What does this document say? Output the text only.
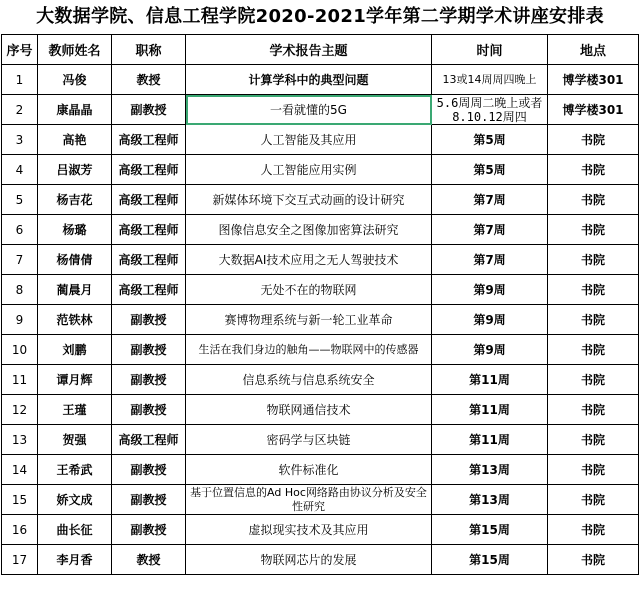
大数据学院、信息工程学院2020-2021学年第二学期学术讲座安排表
序号	教师姓名	职称	学术报告主题	时间	地点
1	冯俊	教授	计算学科中的典型问题	13或14周周四晚上	博学楼301
2	康晶晶	副教授	一看就懂的5G	5.6周周二晚上或者8.10.12周四	博学楼301
3	高艳	高级工程师	人工智能及其应用	第5周	书院
4	吕淑芳	高级工程师	人工智能应用实例	第5周	书院
5	杨吉花	高级工程师	新媒体环境下交互式动画的设计研究	第7周	书院
6	杨璐	高级工程师	图像信息安全之图像加密算法研究	第7周	书院
7	杨倩倩	高级工程师	大数据AI技术应用之无人驾驶技术	第7周	书院
8	蔺晨月	高级工程师	无处不在的物联网	第9周	书院
9	范铁林	副教授	赛博物理系统与新一轮工业革命	第9周	书院
10	刘鹏	副教授	生活在我们身边的触角——物联网中的传感器	第9周	书院
11	谭月辉	副教授	信息系统与信息系统安全	第11周	书院
12	王瑾	副教授	物联网通信技术	第11周	书院
13	贺强	高级工程师	密码学与区块链	第11周	书院
14	王希武	副教授	软件标准化	第13周	书院
15	娇文成	副教授	基于位置信息的Ad Hoc网络路由协议分析及安全性研究	第13周	书院
16	曲长征	副教授	虚拟现实技术及其应用	第15周	书院
17	李月香	教授	物联网芯片的发展	第15周	书院
